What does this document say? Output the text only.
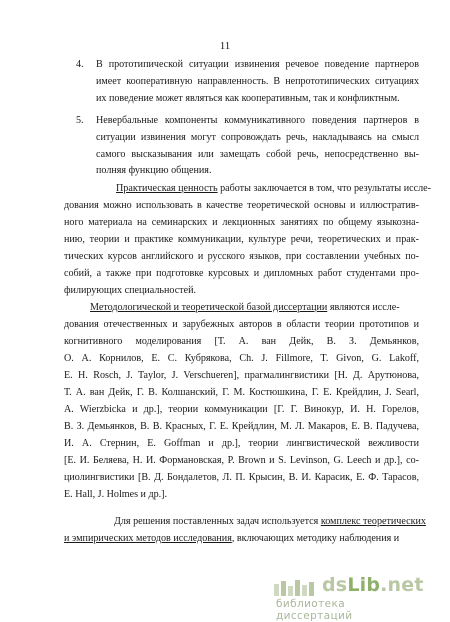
11
4. В прототипической ситуации извинения речевое поведение партнеров
имеет кооперативную направленность. В непрототипических ситуациях
их поведение может являться как кооперативным, так и конфликтным.
5. Невербальные компоненты коммуникативного поведения партнеров в
ситуации извинения могут сопровождать речь, накладываясь на смысл
самого высказывания или замещать собой речь, непосредственно вы-
полняя функцию общения.
Практическая ценность работы заключается в том, что результаты иссле-
дования можно использовать в качестве теоретической основы и иллюстратив-
ного материала на семинарских и лекционных занятиях по общему языкозна-
нию, теории и практике коммуникации, культуре речи, теоретических и прак-
тических курсов английского и русского языков, при составлении учебных по-
собий, а также при подготовке курсовых и дипломных работ студентами про-
филирующих специальностей.
Методологической и теоретической базой диссертации являются иссле-
дования отечественных и зарубежных авторов в области теории прототипов и
когнитивного моделирования [Т. А. ван Дейк, В. З. Демьянков,
О. А. Корнилов, Е. С. Кубрякова, Ch. J. Fillmore, T. Givon, G. Lakoff,
E. H. Rosch, J. Taylor, J. Verschueren], прагмалингвистики [Н. Д. Арутюнова,
Т. А. ван Дейк, Г. В. Колшанский, Г. М. Костюшкина, Г. Е. Крейдлин, J. Searl,
A. Wierzbicka и др.], теории коммуникации [Г. Г. Винокур, И. Н. Горелов,
В. З. Демьянков, В. В. Красных, Г. Е. Крейдлин, М. Л. Макаров, Е. В. Падучева,
И. А. Стернин, Е. Goffman и др.], теории лингвистической вежливости
[Е. И. Беляева, Н. И. Формановская, P. Brown и S. Levinson, G. Leech и др.], со-
циолингвистики [В. Д. Бондалетов, Л. П. Крысин, В. И. Карасик, Е. Ф. Тарасов,
E. Hall, J. Holmes и др.].
Для решения поставленных задач используется комплекс теоретических
и эмпирических методов исследования, включающих методику наблюдения и
dsLib.net
библиотека диссертаций
